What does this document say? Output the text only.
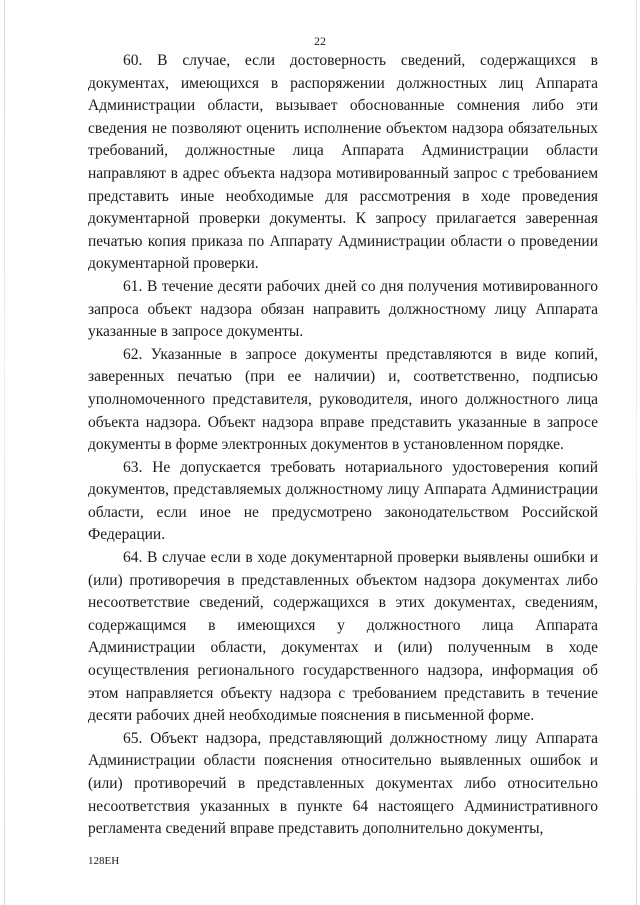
22

60. В случае, если достоверность сведений, содержащихся в документах, имеющихся в распоряжении должностных лиц Аппарата Администрации области, вызывает обоснованные сомнения либо эти сведения не позволяют оценить исполнение объектом надзора обязательных требований, должностные лица Аппарата Администрации области направляют в адрес объекта надзора мотивированный запрос с требованием представить иные необходимые для рассмотрения в ходе проведения документарной проверки документы. К запросу прилагается заверенная печатью копия приказа по Аппарату Администрации области о проведении документарной проверки.

61. В течение десяти рабочих дней со дня получения мотивированного запроса объект надзора обязан направить должностному лицу Аппарата указанные в запросе документы.

62. Указанные в запросе документы представляются в виде копий, заверенных печатью (при ее наличии) и, соответственно, подписью уполномоченного представителя, руководителя, иного должностного лица объекта надзора. Объект надзора вправе представить указанные в запросе документы в форме электронных документов в установленном порядке.

63. Не допускается требовать нотариального удостоверения копий документов, представляемых должностному лицу Аппарата Администрации области, если иное не предусмотрено законодательством Российской Федерации.

64. В случае если в ходе документарной проверки выявлены ошибки и (или) противоречия в представленных объектом надзора документах либо несоответствие сведений, содержащихся в этих документах, сведениям, содержащимся в имеющихся у должностного лица Аппарата Администрации области, документах и (или) полученным в ходе осуществления регионального государственного надзора, информация об этом направляется объекту надзора с требованием представить в течение десяти рабочих дней необходимые пояснения в письменной форме.

65. Объект надзора, представляющий должностному лицу Аппарата Администрации области пояснения относительно выявленных ошибок и (или) противоречий в представленных документах либо относительно несоответствия указанных в пункте 64 настоящего Административного регламента сведений вправе представить дополнительно документы,

128EH
